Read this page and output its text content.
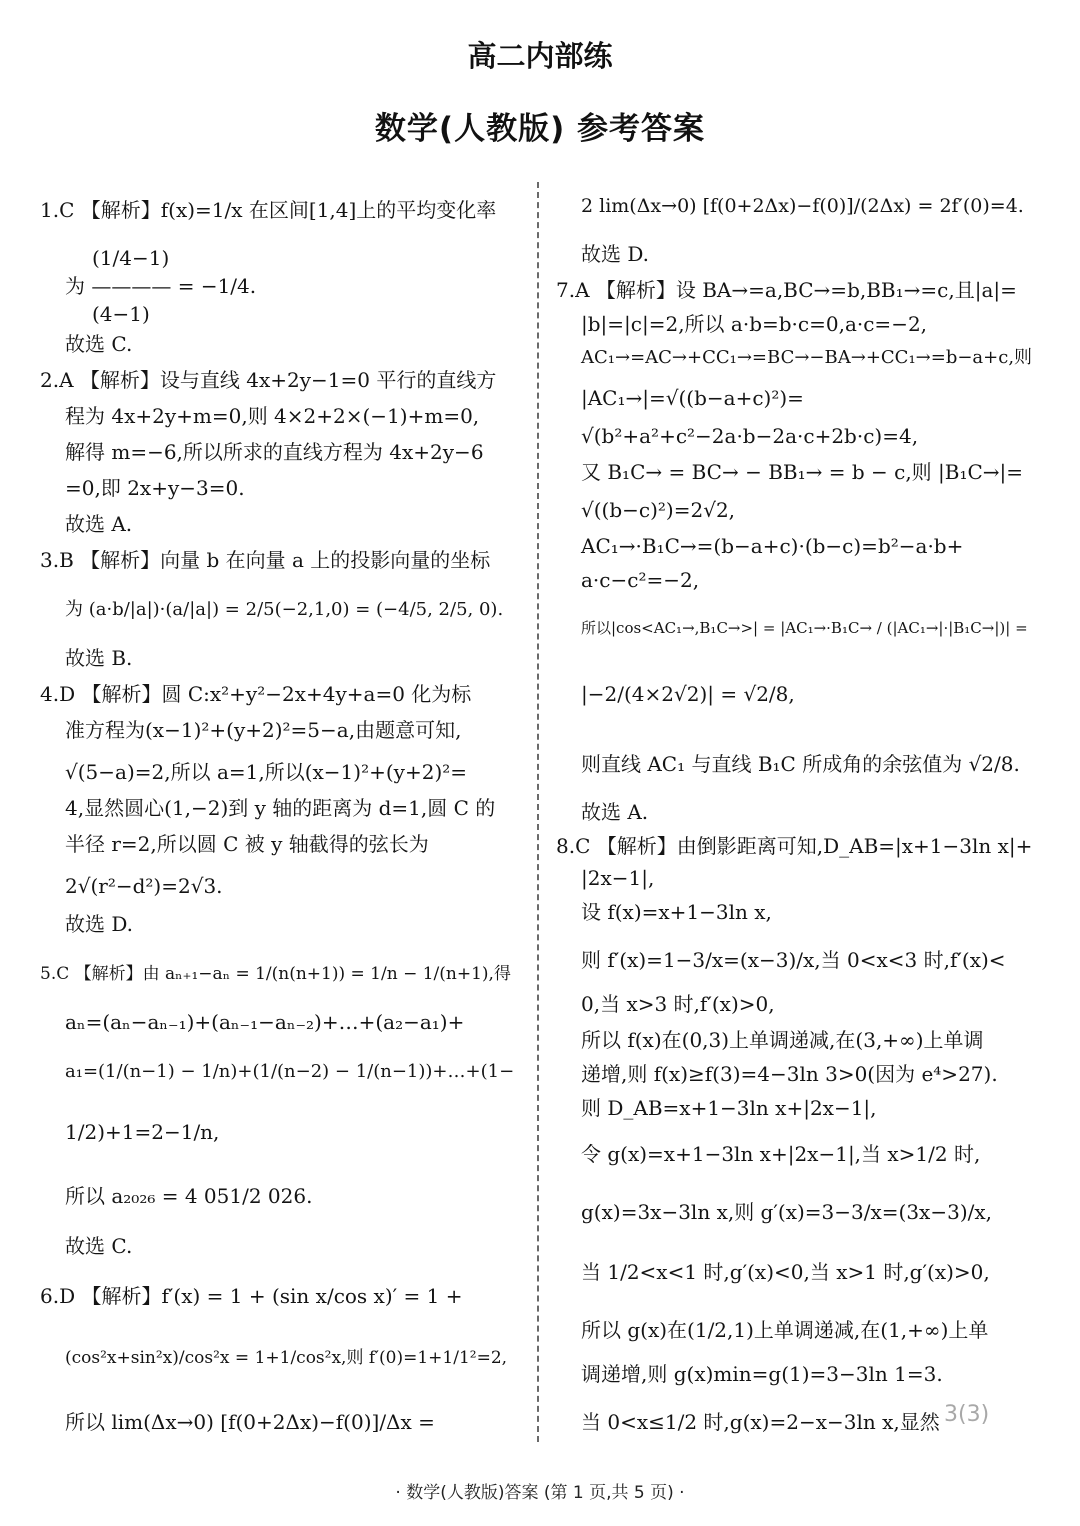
高二内部练
数学(人教版) 参考答案
1.C 【解析】f(x)=1/x 在区间[1,4]上的平均变化率
(1/4−1)
为 ———— = −1/4.
(4−1)
故选 C.
2.A 【解析】设与直线 4x+2y−1=0 平行的直线方
程为 4x+2y+m=0,则 4×2+2×(−1)+m=0,
解得 m=−6,所以所求的直线方程为 4x+2y−6
=0,即 2x+y−3=0.
故选 A.
3.B 【解析】向量 b 在向量 a 上的投影向量的坐标
为 (a·b/|a|)·(a/|a|) = 2/5(−2,1,0) = (−4/5, 2/5, 0).
故选 B.
4.D 【解析】圆 C:x²+y²−2x+4y+a=0 化为标
准方程为(x−1)²+(y+2)²=5−a,由题意可知,
√(5−a)=2,所以 a=1,所以(x−1)²+(y+2)²=
4,显然圆心(1,−2)到 y 轴的距离为 d=1,圆 C 的
半径 r=2,所以圆 C 被 y 轴截得的弦长为
2√(r²−d²)=2√3.
故选 D.
5.C 【解析】由 aₙ₊₁−aₙ = 1/(n(n+1)) = 1/n − 1/(n+1),得
aₙ=(aₙ−aₙ₋₁)+(aₙ₋₁−aₙ₋₂)+…+(a₂−a₁)+
a₁=(1/(n−1) − 1/n)+(1/(n−2) − 1/(n−1))+…+(1−
1/2)+1=2−1/n,
所以 a₂₀₂₆ = 4 051/2 026.
故选 C.
6.D 【解析】f′(x) = 1 + (sin x/cos x)′ = 1 +
(cos²x+sin²x)/cos²x = 1+1/cos²x,则 f′(0)=1+1/1²=2,
所以 lim(Δx→0) [f(0+2Δx)−f(0)]/Δx =
2 lim(Δx→0) [f(0+2Δx)−f(0)]/(2Δx) = 2f′(0)=4.
故选 D.
7.A 【解析】设 BA→=a,BC→=b,BB₁→=c,且|a|=
|b|=|c|=2,所以 a·b=b·c=0,a·c=−2,
AC₁→=AC→+CC₁→=BC→−BA→+CC₁→=b−a+c,则
|AC₁→|=√((b−a+c)²)=
√(b²+a²+c²−2a·b−2a·c+2b·c)=4,
又 B₁C→ = BC→ − BB₁→ = b − c,则 |B₁C→|=
√((b−c)²)=2√2,
AC₁→·B₁C→=(b−a+c)·(b−c)=b²−a·b+
a·c−c²=−2,
所以|cos<AC₁→,B₁C→>| = |AC₁→·B₁C→ / (|AC₁→|·|B₁C→|)| =
|−2/(4×2√2)| = √2/8,
则直线 AC₁ 与直线 B₁C 所成角的余弦值为 √2/8.
故选 A.
8.C 【解析】由倒影距离可知,D_AB=|x+1−3ln x|+
|2x−1|,
设 f(x)=x+1−3ln x,
则 f′(x)=1−3/x=(x−3)/x,当 0<x<3 时,f′(x)<
0,当 x>3 时,f′(x)>0,
所以 f(x)在(0,3)上单调递减,在(3,+∞)上单调
递增,则 f(x)≥f(3)=4−3ln 3>0(因为 e⁴>27).
则 D_AB=x+1−3ln x+|2x−1|,
令 g(x)=x+1−3ln x+|2x−1|,当 x>1/2 时,
g(x)=3x−3ln x,则 g′(x)=3−3/x=(3x−3)/x,
当 1/2<x<1 时,g′(x)<0,当 x>1 时,g′(x)>0,
所以 g(x)在(1/2,1)上单调递减,在(1,+∞)上单
调递增,则 g(x)min=g(1)=3−3ln 1=3.
当 0<x≤1/2 时,g(x)=2−x−3ln x,显然 3(3)
· 数学(人教版)答案 (第 1 页,共 5 页) ·
